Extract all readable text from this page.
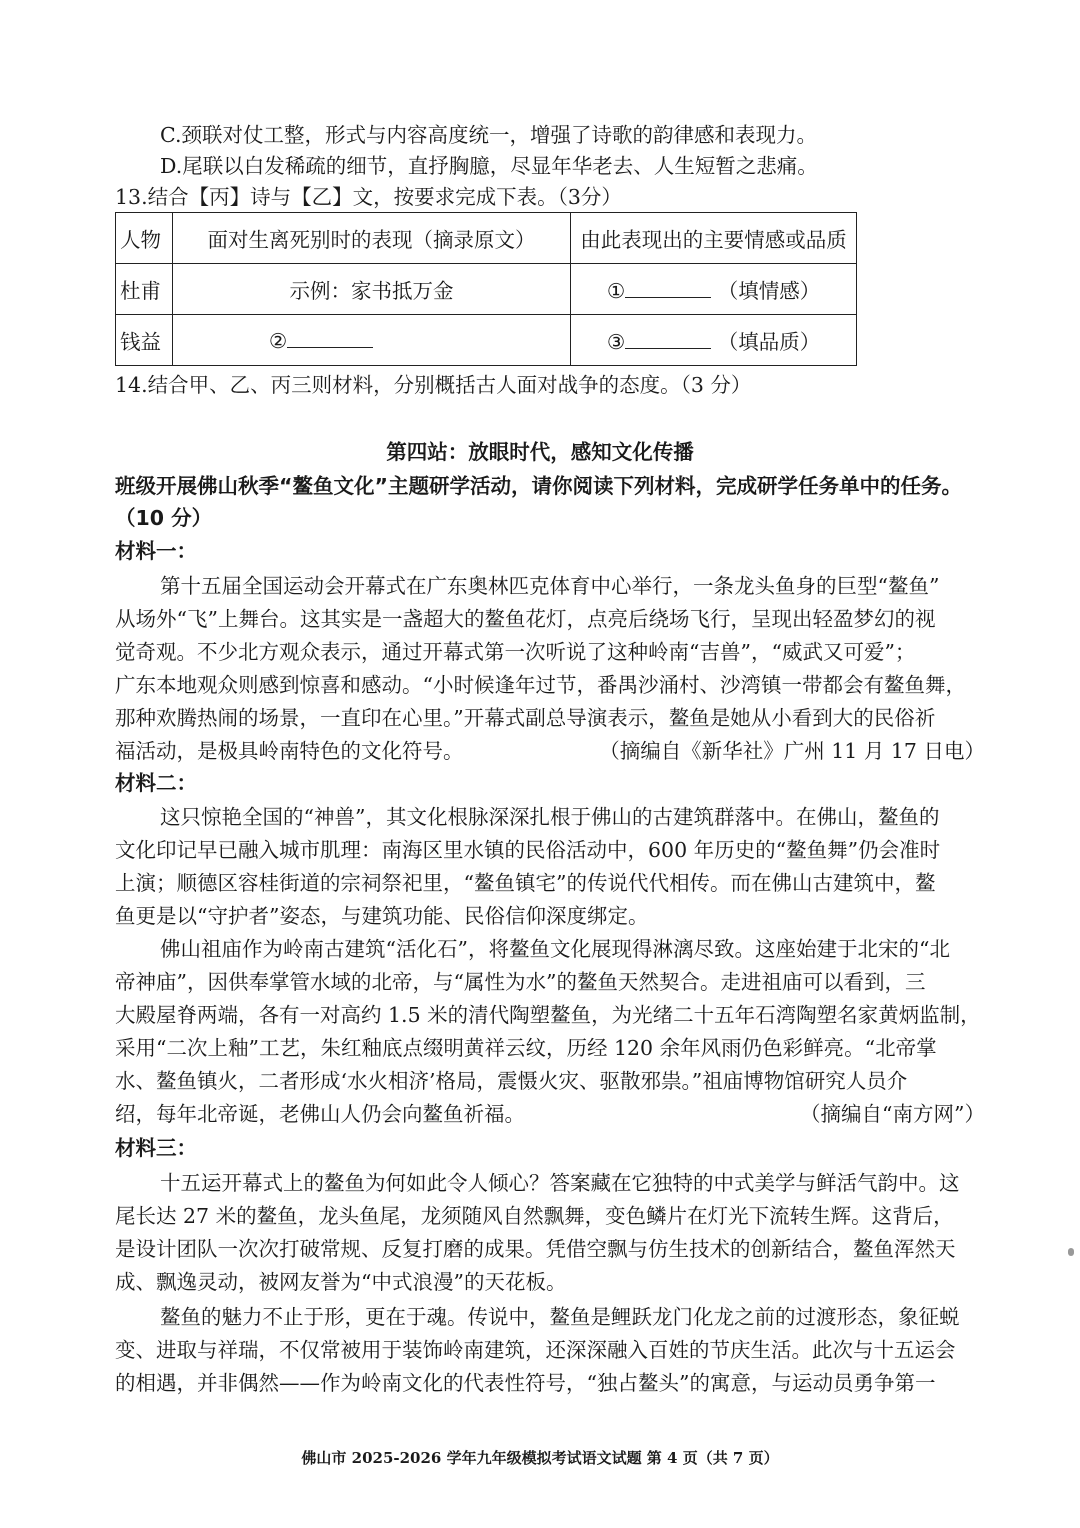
C.颈联对仗工整，形式与内容高度统一，增强了诗歌的韵律感和表现力。
D.尾联以白发稀疏的细节，直抒胸臆，尽显年华老去、人生短暂之悲痛。
13.结合【丙】诗与【乙】文，按要求完成下表。（3分）
人物	面对生离死别时的表现（摘录原文）	由此表现出的主要情感或品质
杜甫	示例：家书抵万金	① （填情感）
钱益	②	③ （填品质）
14.结合甲、乙、丙三则材料，分别概括古人面对战争的态度。（3 分）
第四站：放眼时代，感知文化传播
班级开展佛山秋季“鳌鱼文化”主题研学活动，请你阅读下列材料，完成研学任务单中的任务。
（10 分）
材料一：
第十五届全国运动会开幕式在广东奥林匹克体育中心举行，一条龙头鱼身的巨型“鳌鱼”
从场外“飞”上舞台。这其实是一盏超大的鳌鱼花灯，点亮后绕场飞行，呈现出轻盈梦幻的视
觉奇观。不少北方观众表示，通过开幕式第一次听说了这种岭南“吉兽”，“威武又可爱”；
广东本地观众则感到惊喜和感动。“小时候逢年过节，番禺沙涌村、沙湾镇一带都会有鳌鱼舞，
那种欢腾热闹的场景，一直印在心里。”开幕式副总导演表示，鳌鱼是她从小看到大的民俗祈
福活动，是极具岭南特色的文化符号。	（摘编自《新华社》广州 11 月 17 日电）
材料二：
这只惊艳全国的“神兽”，其文化根脉深深扎根于佛山的古建筑群落中。在佛山，鳌鱼的
文化印记早已融入城市肌理：南海区里水镇的民俗活动中，600 年历史的“鳌鱼舞”仍会准时
上演；顺德区容桂街道的宗祠祭祀里，“鳌鱼镇宅”的传说代代相传。而在佛山古建筑中，鳌
鱼更是以“守护者”姿态，与建筑功能、民俗信仰深度绑定。
佛山祖庙作为岭南古建筑“活化石”，将鳌鱼文化展现得淋漓尽致。这座始建于北宋的“北
帝神庙”，因供奉掌管水域的北帝，与“属性为水”的鳌鱼天然契合。走进祖庙可以看到，三
大殿屋脊两端，各有一对高约 1.5 米的清代陶塑鳌鱼，为光绪二十五年石湾陶塑名家黄炳监制，
采用“二次上釉”工艺，朱红釉底点缀明黄祥云纹，历经 120 余年风雨仍色彩鲜亮。“北帝掌
水、鳌鱼镇火，二者形成‘水火相济’格局，震慑火灾、驱散邪祟。”祖庙博物馆研究人员介
绍，每年北帝诞，老佛山人仍会向鳌鱼祈福。	（摘编自“南方网”）
材料三：
十五运开幕式上的鳌鱼为何如此令人倾心？答案藏在它独特的中式美学与鲜活气韵中。这
尾长达 27 米的鳌鱼，龙头鱼尾，龙须随风自然飘舞，变色鳞片在灯光下流转生辉。这背后，
是设计团队一次次打破常规、反复打磨的成果。凭借空飘与仿生技术的创新结合，鳌鱼浑然天
成、飘逸灵动，被网友誉为“中式浪漫”的天花板。
鳌鱼的魅力不止于形，更在于魂。传说中，鳌鱼是鲤跃龙门化龙之前的过渡形态，象征蜕
变、进取与祥瑞，不仅常被用于装饰岭南建筑，还深深融入百姓的节庆生活。此次与十五运会
的相遇，并非偶然——作为岭南文化的代表性符号，“独占鳌头”的寓意，与运动员勇争第一
佛山市 2025-2026 学年九年级模拟考试语文试题 第 4 页（共 7 页）
